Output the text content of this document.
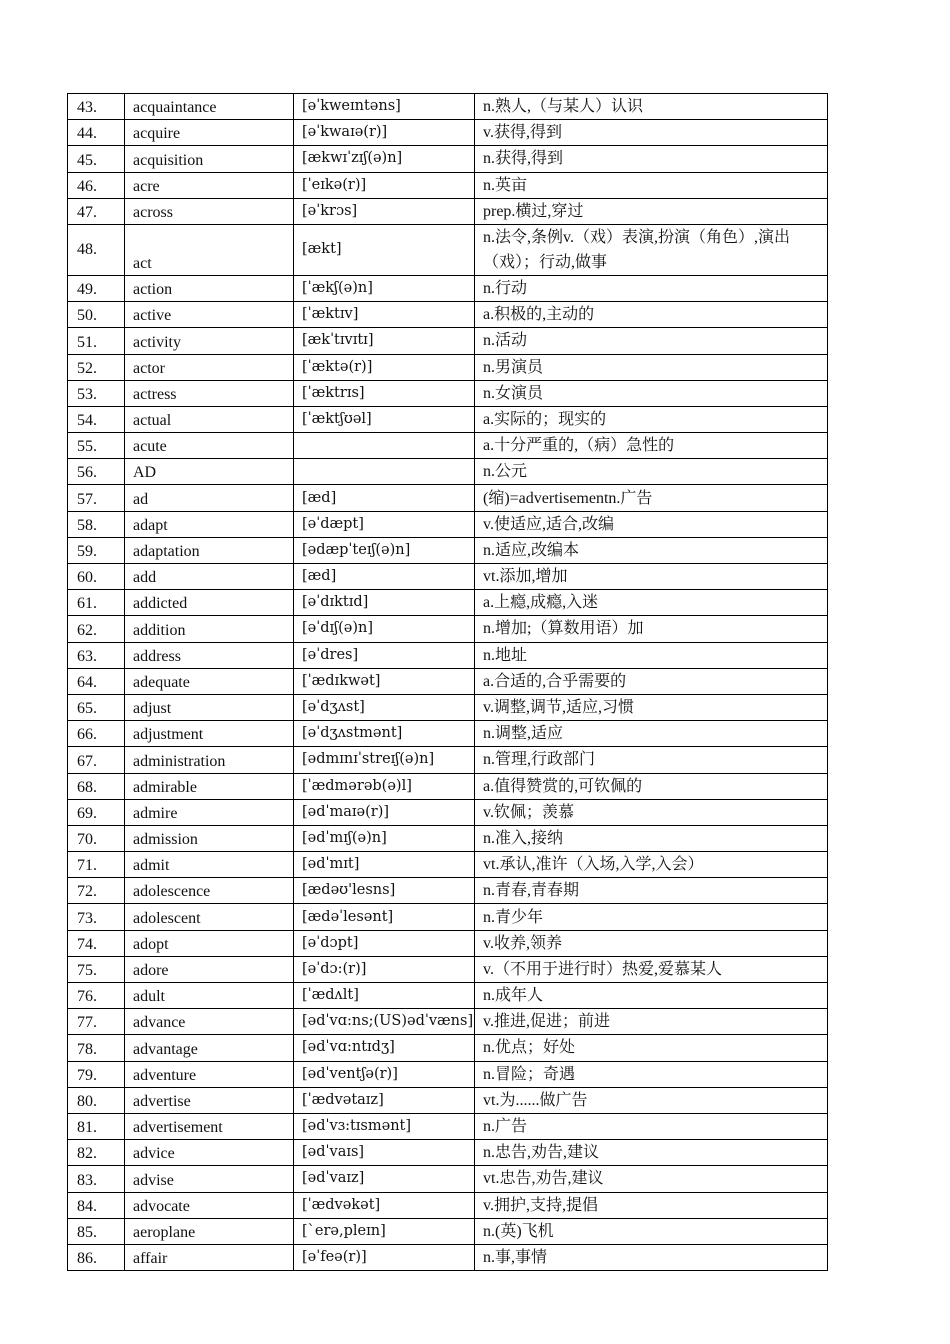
43.	acquaintance	[əˈkweɪntəns]	n.熟人,（与某人）认识
44.	acquire	[əˈkwaɪə(r)]	v.获得,得到
45.	acquisition	[ækwɪˈzɪʃ(ə)n]	n.获得,得到
46.	acre	[ˈeɪkə(r)]	n.英亩
47.	across	[əˈkrɔs]	prep.横过,穿过
48.	act	[ækt]	n.法令,条例v.（戏）表演,扮演（角色）,演出（戏）；行动,做事
49.	action	[ˈækʃ(ə)n]	n.行动
50.	active	[ˈæktɪv]	a.积极的,主动的
51.	activity	[ækˈtɪvɪtɪ]	n.活动
52.	actor	[ˈæktə(r)]	n.男演员
53.	actress	[ˈæktrɪs]	n.女演员
54.	actual	[ˈæktʃʊəl]	a.实际的；现实的
55.	acute		a.十分严重的,（病）急性的
56.	AD		n.公元
57.	ad	[æd]	(缩)=advertisementn.广告
58.	adapt	[əˈdæpt]	v.使适应,适合,改编
59.	adaptation	[ədæpˈteɪʃ(ə)n]	n.适应,改编本
60.	add	[æd]	vt.添加,增加
61.	addicted	[əˈdɪktɪd]	a.上瘾,成瘾,入迷
62.	addition	[əˈdɪʃ(ə)n]	n.增加;（算数用语）加
63.	address	[əˈdres]	n.地址
64.	adequate	[ˈædɪkwət]	a.合适的,合乎需要的
65.	adjust	[əˈdʒʌst]	v.调整,调节,适应,习惯
66.	adjustment	[əˈdʒʌstmənt]	n.调整,适应
67.	administration	[ədmɪnɪˈstreɪʃ(ə)n]	n.管理,行政部门
68.	admirable	[ˈædmərəb(ə)l]	a.值得赞赏的,可钦佩的
69.	admire	[ədˈmaɪə(r)]	v.钦佩；羡慕
70.	admission	[ədˈmɪʃ(ə)n]	n.准入,接纳
71.	admit	[ədˈmɪt]	vt.承认,准许（入场,入学,入会）
72.	adolescence	[ædəʊ'lesns]	n.青春,青春期
73.	adolescent	[ædəˈlesənt]	n.青少年
74.	adopt	[əˈdɔpt]	v.收养,领养
75.	adore	[əˈdɔ:(r)]	v.（不用于进行时）热爱,爱慕某人
76.	adult	[ˈædʌlt]	n.成年人
77.	advance	[ədˈvɑ:ns;(US)ədˈvæns]	v.推进,促进；前进
78.	advantage	[ədˈvɑ:ntɪdʒ]	n.优点；好处
79.	adventure	[ədˈventʃə(r)]	n.冒险；奇遇
80.	advertise	[ˈædvətaɪz]	vt.为......做广告
81.	advertisement	[ədˈvɜ:tɪsmənt]	n.广告
82.	advice	[ədˈvaɪs]	n.忠告,劝告,建议
83.	advise	[ədˈvaɪz]	vt.忠告,劝告,建议
84.	advocate	[ˈædvəkət]	v.拥护,支持,提倡
85.	aeroplane	[`erə,pleɪn]	n.(英)飞机
86.	affair	[əˈfeə(r)]	n.事,事情
